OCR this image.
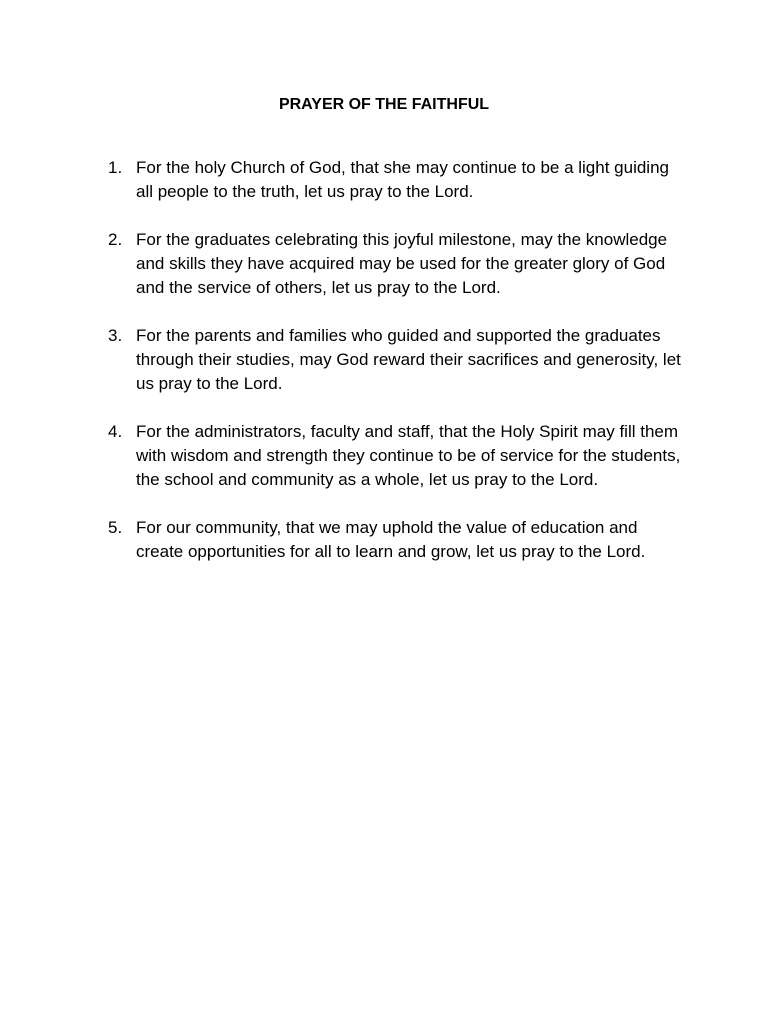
PRAYER OF THE FAITHFUL
1. For the holy Church of God, that she may continue to be a light guiding all people to the truth, let us pray to the Lord.
2. For the graduates celebrating this joyful milestone, may the knowledge and skills they have acquired may be used for the greater glory of God and the service of others, let us pray to the Lord.
3. For the parents and families who guided and supported the graduates through their studies, may God reward their sacrifices and generosity, let us pray to the Lord.
4. For the administrators, faculty and staff, that the Holy Spirit may fill them with wisdom and strength they continue to be of service for the students, the school and community as a whole, let us pray to the Lord.
5. For our community, that we may uphold the value of education and create opportunities for all to learn and grow, let us pray to the Lord.
